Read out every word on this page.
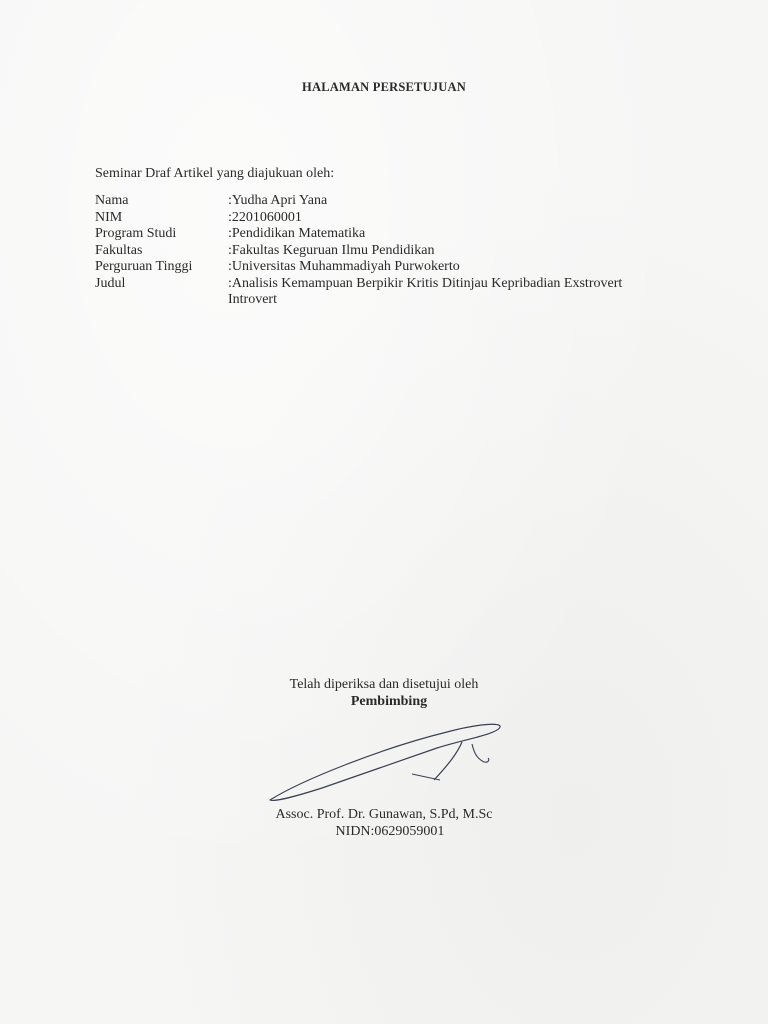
HALAMAN PERSETUJUAN
Seminar Draf Artikel yang diajukuan oleh:
Nama	:Yudha Apri Yana
NIM	:2201060001
Program Studi	:Pendidikan Matematika
Fakultas	:Fakultas Keguruan Ilmu Pendidikan
Perguruan Tinggi	:Universitas Muhammadiyah Purwokerto
Judul	:Analisis Kemampuan Berpikir Kritis Ditinjau Kepribadian Exstrovert Introvert
Telah diperiksa dan disetujui oleh
Pembimbing
Assoc. Prof. Dr. Gunawan, S.Pd, M.Sc
NIDN:0629059001
